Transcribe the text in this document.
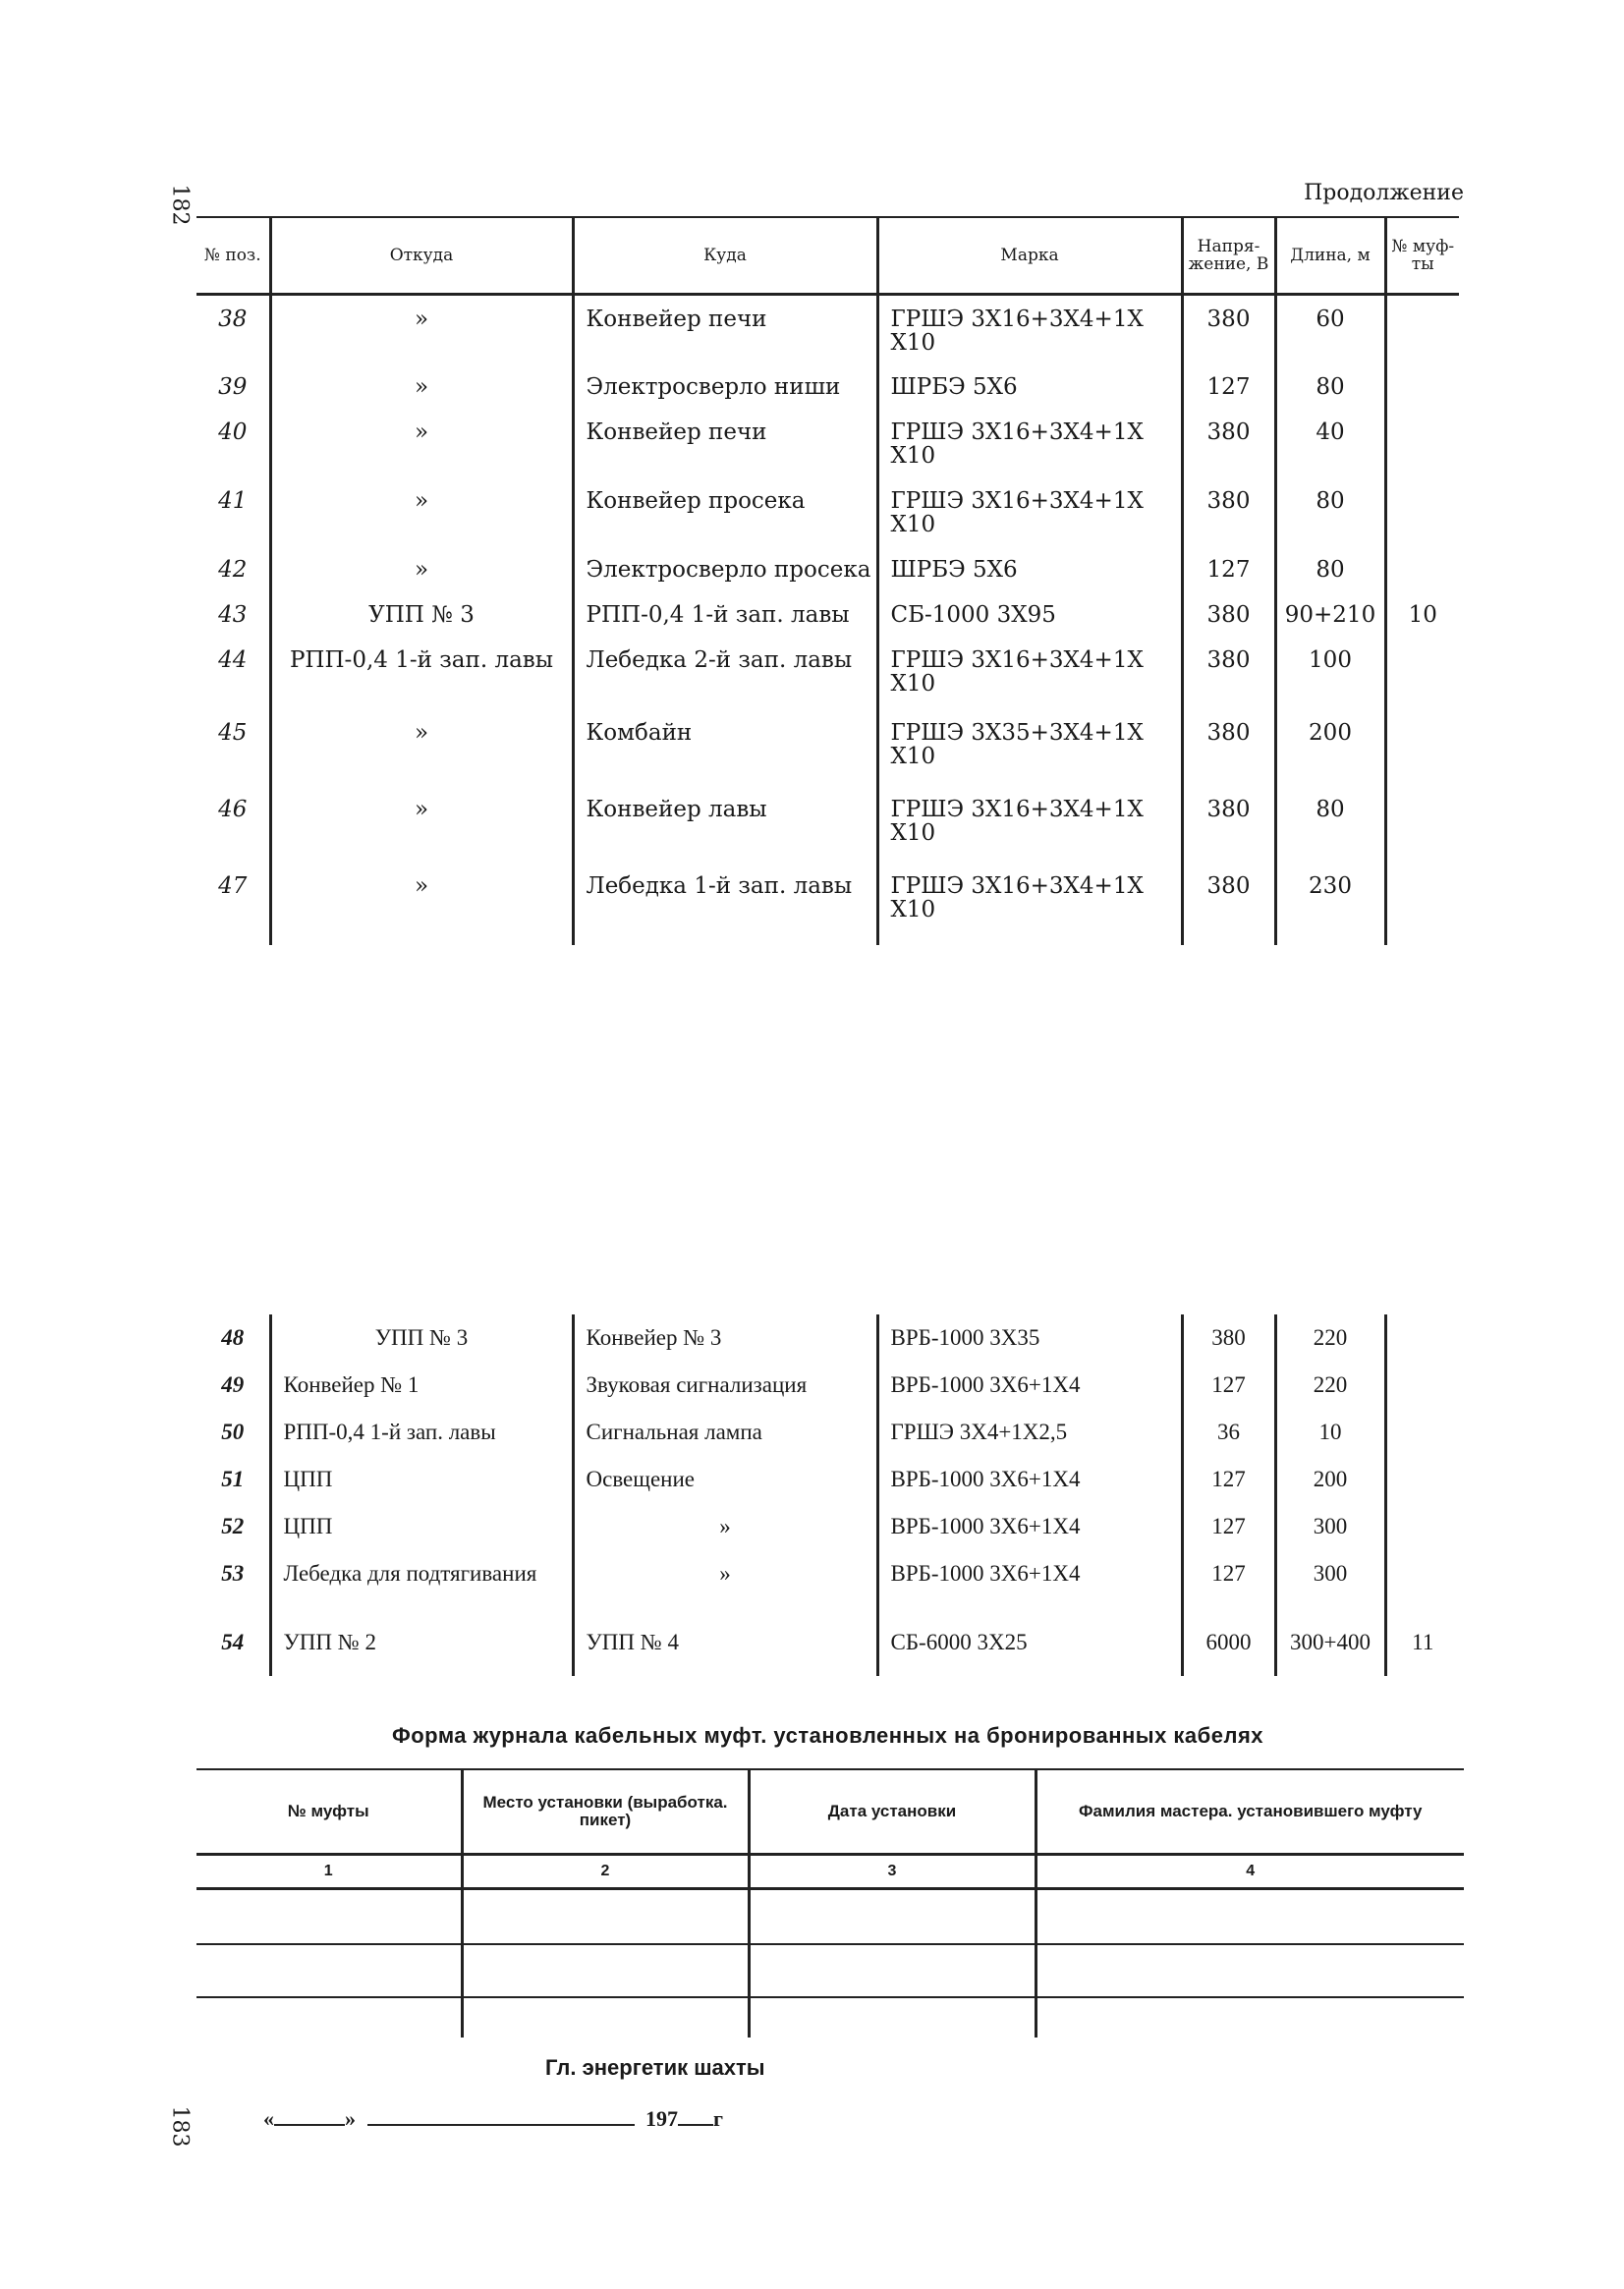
182
183
Продолжение
№ поз.	Откуда	Куда	Марка	Напря-жение, В	Длина, м	№ муф-ты
38	»	Конвейер печи	ГРШЭ 3Х16+3Х4+1Х Х10	380	60	
39	»	Электросверло ниши	ШРБЭ 5Х6	127	80	
40	»	Конвейер печи	ГРШЭ 3Х16+3Х4+1Х Х10	380	40	
41	»	Конвейер просека	ГРШЭ 3Х16+3Х4+1Х Х10	380	80	
42	»	Электросверло просека	ШРБЭ 5Х6	127	80	
43	УПП № 3	РПП-0,4 1-й зап. лавы	СБ-1000 3Х95	380	90+210	10
44	РПП-0,4 1-й зап. лавы	Лебедка 2-й зап. лавы	ГРШЭ 3Х16+3Х4+1Х Х10	380	100	
45	»	Комбайн	ГРШЭ 3Х35+3Х4+1Х Х10	380	200	
46	»	Конвейер лавы	ГРШЭ 3Х16+3Х4+1Х Х10	380	80	
47	»	Лебедка 1-й зап. лавы	ГРШЭ 3Х16+3Х4+1Х Х10	380	230	
48	УПП № 3	Конвейер № 3	ВРБ-1000 3Х35	380	220	
49	Конвейер № 1	Звуковая сигнализация	ВРБ-1000 3Х6+1Х4	127	220	
50	РПП-0,4 1-й зап. лавы	Сигнальная лампа	ГРШЭ 3Х4+1Х2,5	36	10	
51	ЦПП	Освещение	ВРБ-1000 3Х6+1Х4	127	200	
52	ЦПП	»	ВРБ-1000 3Х6+1Х4	127	300	
53	Лебедка для подтягивания	»	ВРБ-1000 3Х6+1Х4	127	300	
54	УПП № 2	УПП № 4	СБ-6000 3Х25	6000	300+400	11
Форма журнала кабельных муфт. установленных на бронированных кабелях
№ муфты	Место установки (выработка. пикет)	Дата установки	Фамилия мастера. установившего муфту
1	2	3	4

Гл. энергетик шахты
«	»	197 г
